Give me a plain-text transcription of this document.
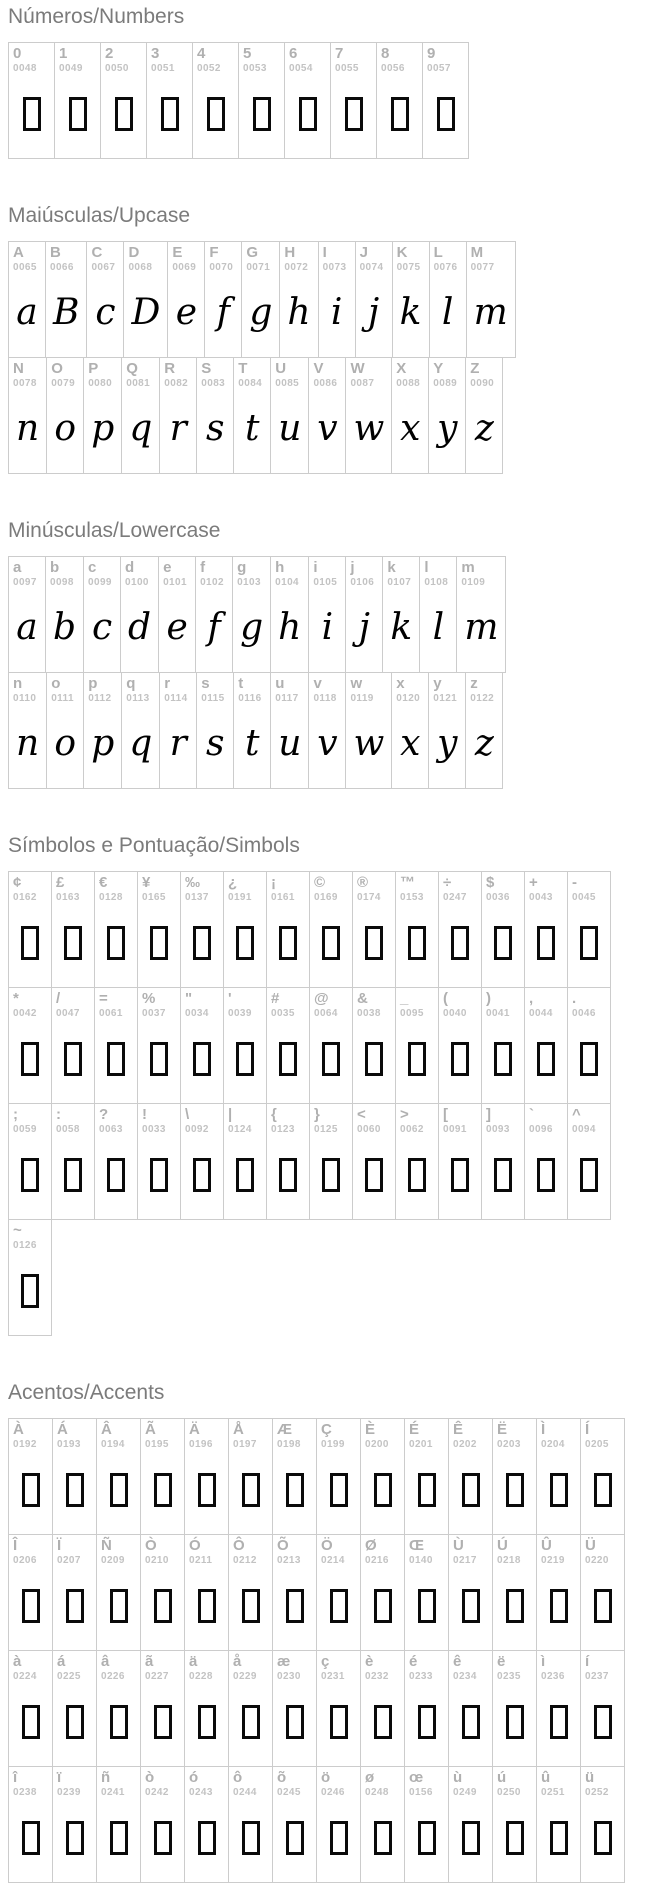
Números/Numbers
0
0048
1
0049
2
0050
3
0051
4
0052
5
0053
6
0054
7
0055
8
0056
9
0057
Maiúsculas/Upcase
A
0065
a
B
0066
B
C
0067
c
D
0068
D
E
0069
e
F
0070
f
G
0071
g
H
0072
h
I
0073
i
J
0074
j
K
0075
k
L
0076
l
M
0077
m
N
0078
n
O
0079
o
P
0080
p
Q
0081
q
R
0082
r
S
0083
s
T
0084
t
U
0085
u
V
0086
v
W
0087
w
X
0088
x
Y
0089
y
Z
0090
z
Minúsculas/Lowercase
a
0097
a
b
0098
b
c
0099
c
d
0100
d
e
0101
e
f
0102
f
g
0103
g
h
0104
h
i
0105
i
j
0106
j
k
0107
k
l
0108
l
m
0109
m
n
0110
n
o
0111
o
p
0112
p
q
0113
q
r
0114
r
s
0115
s
t
0116
t
u
0117
u
v
0118
v
w
0119
w
x
0120
x
y
0121
y
z
0122
z
Símbolos e Pontuação/Simbols
¢
0162
£
0163
€
0128
¥
0165
‰
0137
¿
0191
¡
0161
©
0169
®
0174
™
0153
÷
0247
$
0036
+
0043
-
0045
*
0042
/
0047
=
0061
%
0037
"
0034
'
0039
#
0035
@
0064
&
0038
_
0095
(
0040
)
0041
,
0044
.
0046
;
0059
:
0058
?
0063
!
0033
\
0092
|
0124
{
0123
}
0125
<
0060
>
0062
[
0091
]
0093
`
0096
^
0094
~
0126
Acentos/Accents
À
0192
Á
0193
Â
0194
Ã
0195
Ä
0196
Å
0197
Æ
0198
Ç
0199
È
0200
É
0201
Ê
0202
Ë
0203
Ì
0204
Í
0205
Î
0206
Ï
0207
Ñ
0209
Ò
0210
Ó
0211
Ô
0212
Õ
0213
Ö
0214
Ø
0216
Œ
0140
Ù
0217
Ú
0218
Û
0219
Ü
0220
à
0224
á
0225
â
0226
ã
0227
ä
0228
å
0229
æ
0230
ç
0231
è
0232
é
0233
ê
0234
ë
0235
ì
0236
í
0237
î
0238
ï
0239
ñ
0241
ò
0242
ó
0243
ô
0244
õ
0245
ö
0246
ø
0248
œ
0156
ù
0249
ú
0250
û
0251
ü
0252
